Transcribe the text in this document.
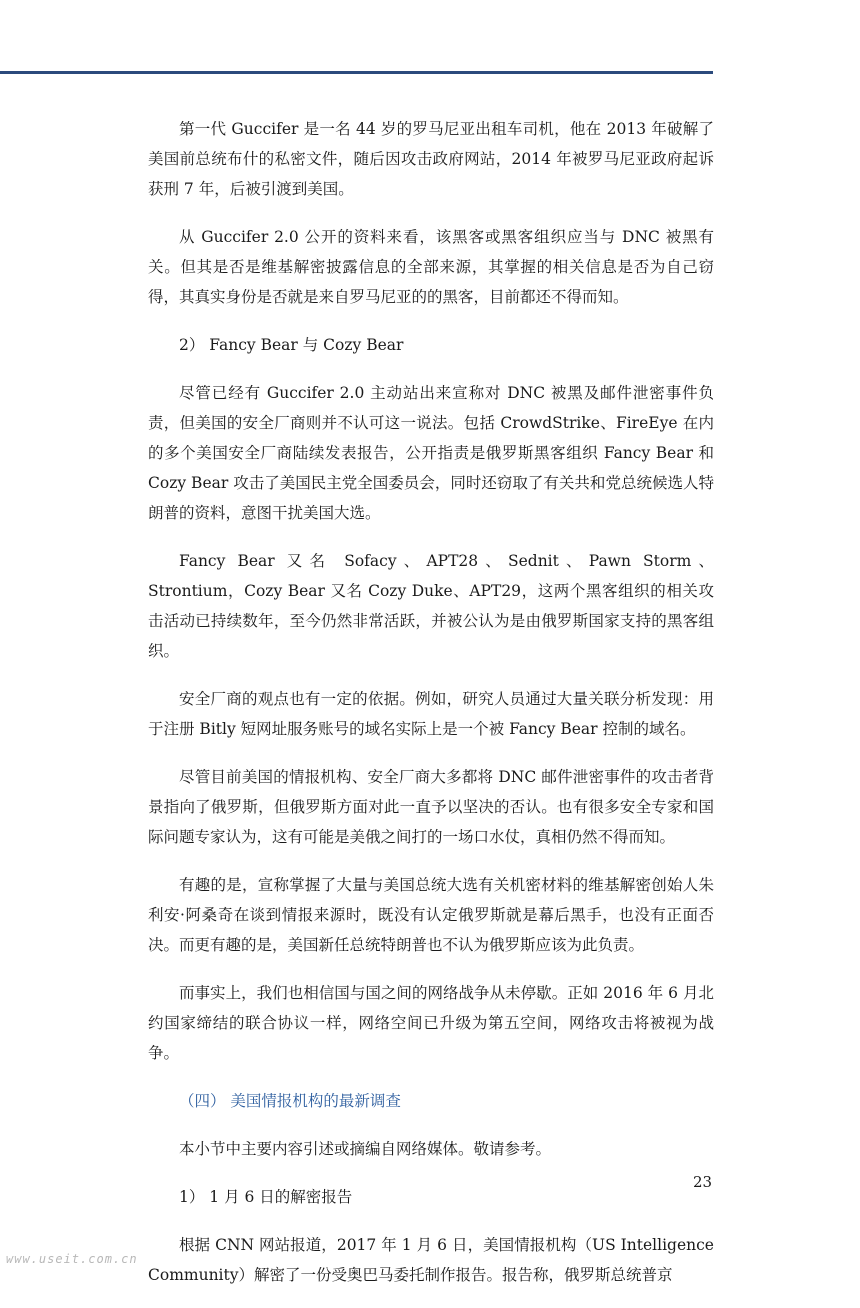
第一代 Guccifer 是一名 44 岁的罗马尼亚出租车司机，他在 2013 年破解了美国前总统布什的私密文件，随后因攻击政府网站，2014 年被罗马尼亚政府起诉获刑 7 年，后被引渡到美国。

从 Guccifer 2.0 公开的资料来看，该黑客或黑客组织应当与 DNC 被黑有关。但其是否是维基解密披露信息的全部来源，其掌握的相关信息是否为自己窃得，其真实身份是否就是来自罗马尼亚的的黑客，目前都还不得而知。

2） Fancy Bear 与 Cozy Bear

尽管已经有 Guccifer 2.0 主动站出来宣称对 DNC 被黑及邮件泄密事件负责，但美国的安全厂商则并不认可这一说法。包括 CrowdStrike、FireEye 在内的多个美国安全厂商陆续发表报告，公开指责是俄罗斯黑客组织 Fancy Bear 和 Cozy Bear 攻击了美国民主党全国委员会，同时还窃取了有关共和党总统候选人特朗普的资料，意图干扰美国大选。

Fancy Bear 又名 Sofacy、APT28、Sednit、Pawn Storm、Strontium，Cozy Bear 又名 Cozy Duke、APT29，这两个黑客组织的相关攻击活动已持续数年，至今仍然非常活跃，并被公认为是由俄罗斯国家支持的黑客组织。

安全厂商的观点也有一定的依据。例如，研究人员通过大量关联分析发现：用于注册 Bitly 短网址服务账号的域名实际上是一个被 Fancy Bear 控制的域名。

尽管目前美国的情报机构、安全厂商大多都将 DNC 邮件泄密事件的攻击者背景指向了俄罗斯，但俄罗斯方面对此一直予以坚决的否认。也有很多安全专家和国际问题专家认为，这有可能是美俄之间打的一场口水仗，真相仍然不得而知。

有趣的是，宣称掌握了大量与美国总统大选有关机密材料的维基解密创始人朱利安·阿桑奇在谈到情报来源时，既没有认定俄罗斯就是幕后黑手，也没有正面否决。而更有趣的是，美国新任总统特朗普也不认为俄罗斯应该为此负责。

而事实上，我们也相信国与国之间的网络战争从未停歇。正如 2016 年 6 月北约国家缔结的联合协议一样，网络空间已升级为第五空间，网络攻击将被视为战争。

（四） 美国情报机构的最新调查

本小节中主要内容引述或摘编自网络媒体。敬请参考。

1） 1 月 6 日的解密报告

根据 CNN 网站报道，2017 年 1 月 6 日，美国情报机构（US Intelligence Community）解密了一份受奥巴马委托制作报告。报告称，俄罗斯总统普京

23
www.useit.com.cn
